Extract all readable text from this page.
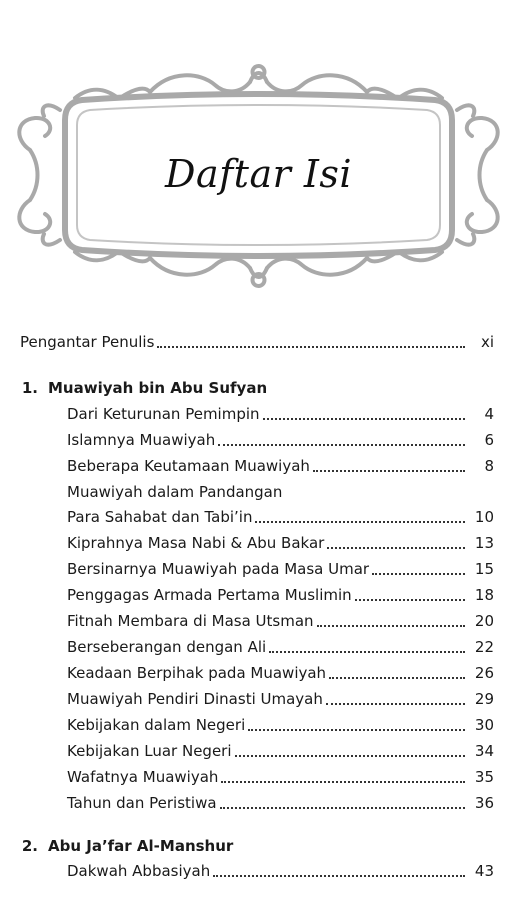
Daftar Isi
Pengantar Penulis	xi
1. Muawiyah bin Abu Sufyan
Dari Keturunan Pemimpin	4
Islamnya Muawiyah	6
Beberapa Keutamaan Muawiyah	8
Muawiyah dalam Pandangan
Para Sahabat dan Tabi’in	10
Kiprahnya Masa Nabi & Abu Bakar	13
Bersinarnya Muawiyah pada Masa Umar	15
Penggagas Armada Pertama Muslimin	18
Fitnah Membara di Masa Utsman	20
Berseberangan dengan Ali	22
Keadaan Berpihak pada Muawiyah	26
Muawiyah Pendiri Dinasti Umayah	29
Kebijakan dalam Negeri	30
Kebijakan Luar Negeri	34
Wafatnya Muawiyah	35
Tahun dan Peristiwa	36
2. Abu Ja’far Al-Manshur
Dakwah Abbasiyah	43
